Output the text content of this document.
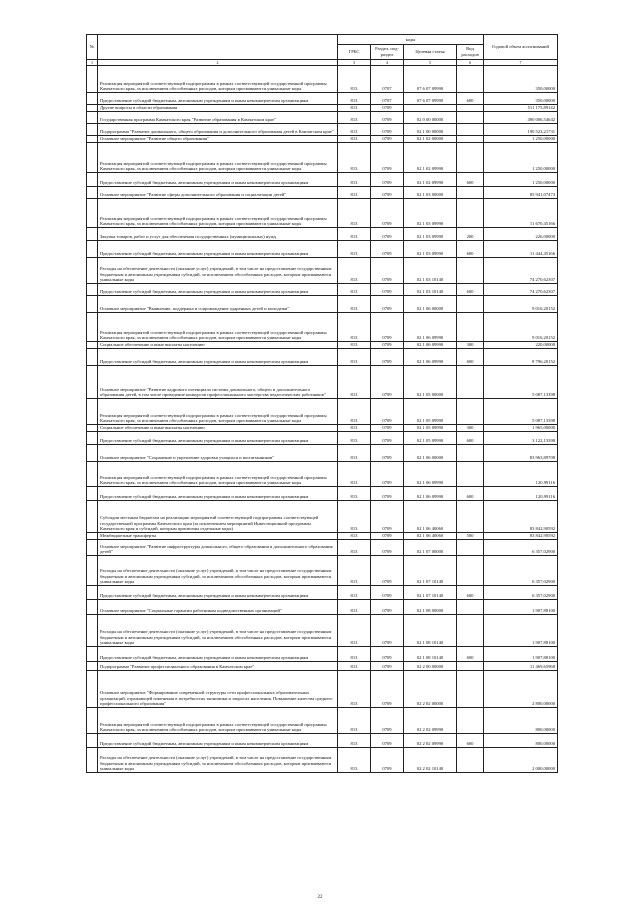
№		коды				Годовой объем ассигнований
		ГРБС	Раздел, под-раздел	Целевая статья	Вид расходов	
1	2	3	4	5	6	7
	Реализация мероприятий соответствующей подпрограммы в рамках соответствующей государственной программы Камчатского края, за исключением обособленных расходов, которым присваиваются уникальные коды	813	0707	07 6 07 09990		350,00000
	Предоставление субсидий бюджетным, автономным учреждениям и иным некоммерческим организациям	813	0707	07 6 07 09990	600	350,00000
	Другие вопросы в области образования	813	0709			511 175,89142
	Государственная программа Камчатского края "Развитие образования в Камчатском крае"	813	0709	02 0 00 00000		490 006,54642
	Подпрограмма "Развитие дошкольного, общего образования и дополнительного образования детей в Камчатском крае"	813	0709	02 1 00 00000		190 523,21731
	Основное мероприятие "Развитие общего образования"	813	0709	02 1 02 00000		1 250,00000
	Реализация мероприятий соответствующей подпрограммы в рамках соответствующей государственной программы Камчатского края, за исключением обособленных расходов, которым присваиваются уникальные коды	813	0709	02 1 02 09990		1 250,00000
	Предоставление субсидий бюджетным, автономным учреждениям и иным некоммерческим организациям	813	0709	02 1 02 09990	600	1 250,00000
	Основное мероприятие "Развитие сферы дополнительного образования и социализации детей"	813	0709	02 1 03 00000		85 941,07473
	Реализация мероприятий соответствующей подпрограммы в рамках соответствующей государственной программы Камчатского края, за исключением обособленных расходов, которым присваиваются уникальные коды	813	0709	02 1 03 09990		11 670,45166
	Закупка товаров, работ и услуг для обеспечения государственных (муниципальных) нужд	813	0709	02 1 03 09990	200	226,00000
	Предоставление субсидий бюджетным, автономным учреждениям и иным некоммерческим организациям	813	0709	02 1 03 09990	600	11 444,45166
	Расходы на обеспечение деятельности (оказание услуг) учреждений, в том числе на предоставление государственным бюджетным и автономным учреждениям субсидий, за исключением обособленных расходов, которым присваиваются уникальные коды	813	0709	02 1 03 10140		74 270,62307
	Предоставление субсидий бюджетным, автономным учреждениям и иным некоммерческим организациям	813	0709	02 1 03 10140	600	74 270,62307
	Основное мероприятие "Выявление, поддержка и сопровождение одаренных детей и молодежи"	813	0709	02 1 06 00000		9 016,20152
	Реализация мероприятий соответствующей подпрограммы в рамках соответствующей государственной программы Камчатского края, за исключением обособленных расходов, которым присваиваются уникальные коды	813	0709	02 1 06 09990		9 016,20152
	Социальное обеспечение и иные выплаты населению	813	0709	02 1 06 09990	300	220,00000
	Предоставление субсидий бюджетным, автономным учреждениям и иным некоммерческим организациям	813	0709	02 1 06 09990	600	8 796,20152
	Основное мероприятие "Развитие кадрового потенциала системы дошкольного, общего и дополнительного образования детей, в том числе проведение конкурсов профессионального мастерства педагогических работников"	813	0709	02 1 05 00000		5 087,13398
	Реализация мероприятий соответствующей подпрограммы в рамках соответствующей государственной программы Камчатского края, за исключением обособленных расходов, которым присваиваются уникальные коды	813	0709	02 1 05 09990		5 087,13398
	Социальное обеспечение и иные выплаты населению	813	0709	02 1 05 09990	300	1 965,00000
	Предоставление субсидий бюджетным, автономным учреждениям и иным некоммерческим организациям	813	0709	02 1 05 09990	600	3 122,13398
	Основное мероприятие "Сохранение и укрепление здоровья учащихся и воспитанников"	813	0709	02 1 06 00000		83 963,89708
	Реализация мероприятий соответствующей подпрограммы в рамках соответствующей государственной программы Камчатского края, за исключением обособленных расходов, которым присваиваются уникальные коды	813	0709	02 1 06 09990		120,99116
	Предоставление субсидий бюджетным, автономным учреждениям и иным некоммерческим организациям	813	0709	02 1 06 09990	600	120,99116
	Субсидии местным бюджетам на реализацию мероприятий соответствующей подпрограммы соответствующей государственной программы Камчатского края (за исключением мероприятий Инвестиционной программы Камчатского края и субсидий, которым присвоены отдельные коды)	813	0709	02 1 06 40060		83 842,90592
	Межбюджетные трансферты	813	0709	02 1 06 40060	500	83 842,90592
	Основное мероприятие "Развитие инфраструктуры дошкольного, общего образования и дополнительного образования детей"	813	0709	02 1 07 00000		6 357,02900
	Расходы на обеспечение деятельности (оказание услуг) учреждений, в том числе на предоставление государственным бюджетным и автономным учреждениям субсидий, за исключением обособленных расходов, которым присваиваются уникальные коды	813	0709	02 1 07 10140		6 357,02900
	Предоставление субсидий бюджетным, автономным учреждениям и иным некоммерческим организациям	813	0709	02 1 07 10140	600	6 357,02900
	Основное мероприятие "Социальные гарантии работникам подведомственных организаций"	813	0709	02 1 08 00000		1 907,88100
	Расходы на обеспечение деятельности (оказание услуг) учреждений, в том числе на предоставление государственным бюджетным и автономным учреждениям субсидий, за исключением обособленных расходов, которым присваиваются уникальные коды	813	0709	02 1 08 10140		1 907,88100
	Предоставление субсидий бюджетным, автономным учреждениям и иным некоммерческим организациям	813	0709	02 1 08 10140	600	1 907,88100
	Подпрограмма "Развитие профессионального образования в Камчатском крае"	813	0709	02 2 00 00000		11 469,65968
	Основное мероприятие "Формирование современной структуры сети профессиональных образовательных организаций, отражающей изменения в потребностях экономики и запросах населения. Повышение качества среднего профессионального образования"	813	0709	02 2 02 00000		2 800,00000
	Реализация мероприятий соответствующей подпрограммы в рамках соответствующей государственной программы Камчатского края, за исключением обособленных расходов, которым присваиваются уникальные коды	813	0709	02 2 02 09990		800,00000
	Предоставление субсидий бюджетным, автономным учреждениям и иным некоммерческим организациям	813	0709	02 2 02 09990	600	800,00000
	Расходы на обеспечение деятельности (оказание услуг) учреждений, в том числе на предоставление государственным бюджетным и автономным учреждениям субсидий, за исключением обособленных расходов, которым присваиваются уникальные коды	813	0709	02 2 02 10140		2 000,00000
22
